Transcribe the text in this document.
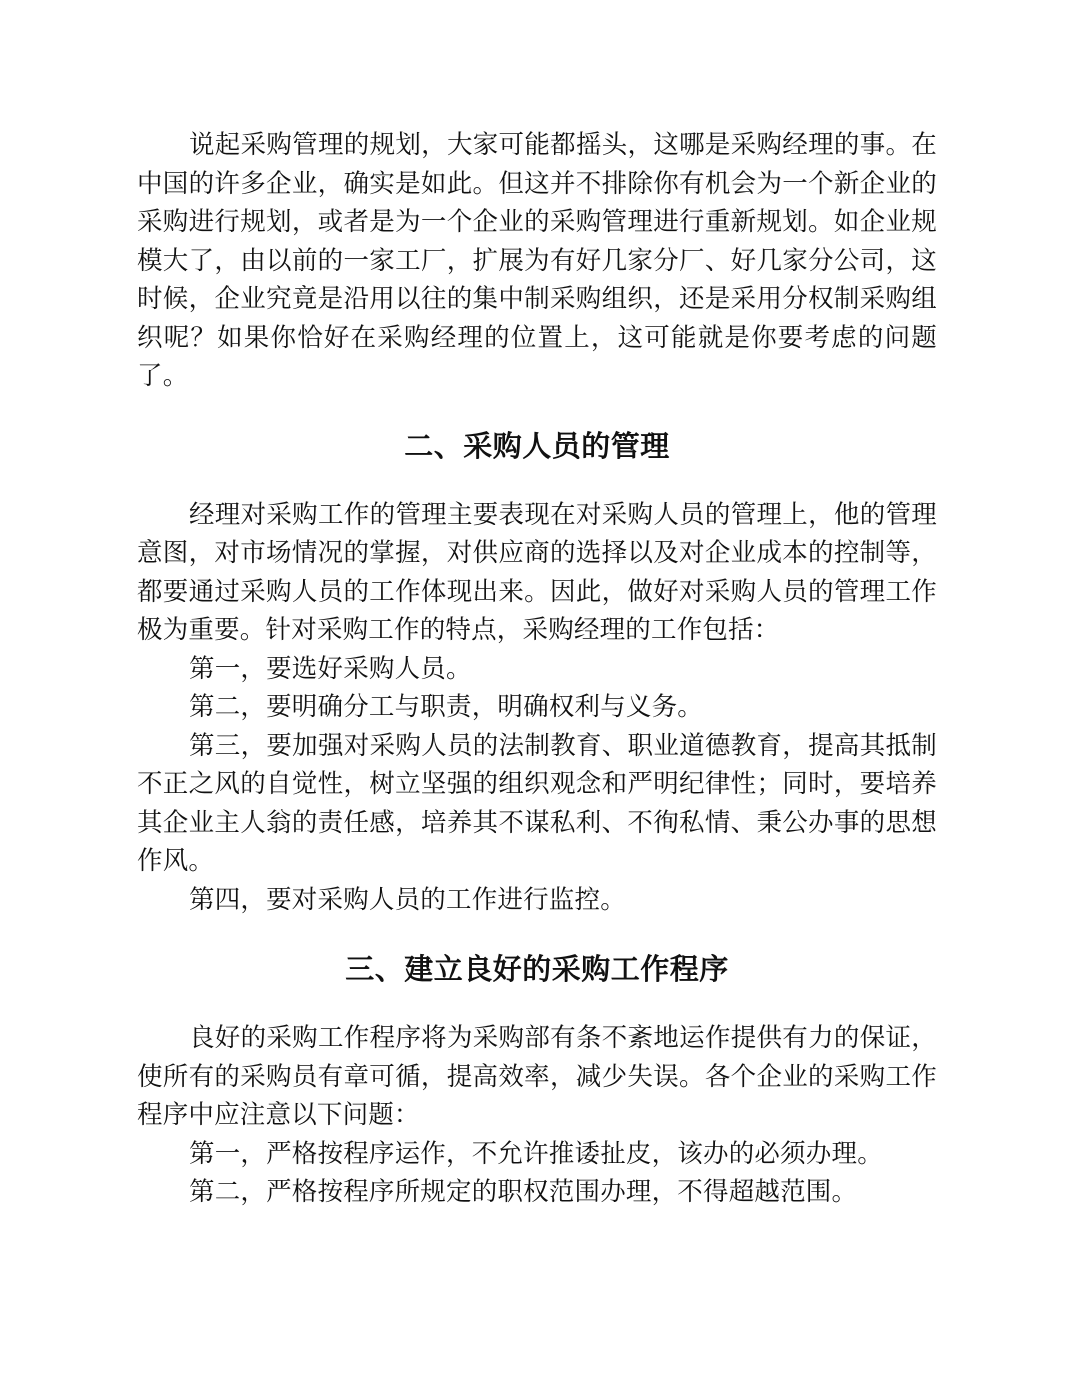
说起采购管理的规划，大家可能都摇头，这哪是采购经理的事。在中国的许多企业，确实是如此。但这并不排除你有机会为一个新企业的采购进行规划，或者是为一个企业的采购管理进行重新规划。如企业规模大了，由以前的一家工厂，扩展为有好几家分厂、好几家分公司，这时候，企业究竟是沿用以往的集中制采购组织，还是采用分权制采购组织呢？如果你恰好在采购经理的位置上，这可能就是你要考虑的问题了。

二、采购人员的管理

经理对采购工作的管理主要表现在对采购人员的管理上，他的管理意图，对市场情况的掌握，对供应商的选择以及对企业成本的控制等，都要通过采购人员的工作体现出来。因此，做好对采购人员的管理工作极为重要。针对采购工作的特点，采购经理的工作包括：

第一，要选好采购人员。

第二，要明确分工与职责，明确权利与义务。

第三，要加强对采购人员的法制教育、职业道德教育，提高其抵制不正之风的自觉性，树立坚强的组织观念和严明纪律性；同时，要培养其企业主人翁的责任感，培养其不谋私利、不徇私情、秉公办事的思想作风。

第四，要对采购人员的工作进行监控。

三、建立良好的采购工作程序

良好的采购工作程序将为采购部有条不紊地运作提供有力的保证，使所有的采购员有章可循，提高效率，减少失误。各个企业的采购工作程序中应注意以下问题：

第一，严格按程序运作，不允许推诿扯皮，该办的必须办理。

第二，严格按程序所规定的职权范围办理，不得超越范围。
